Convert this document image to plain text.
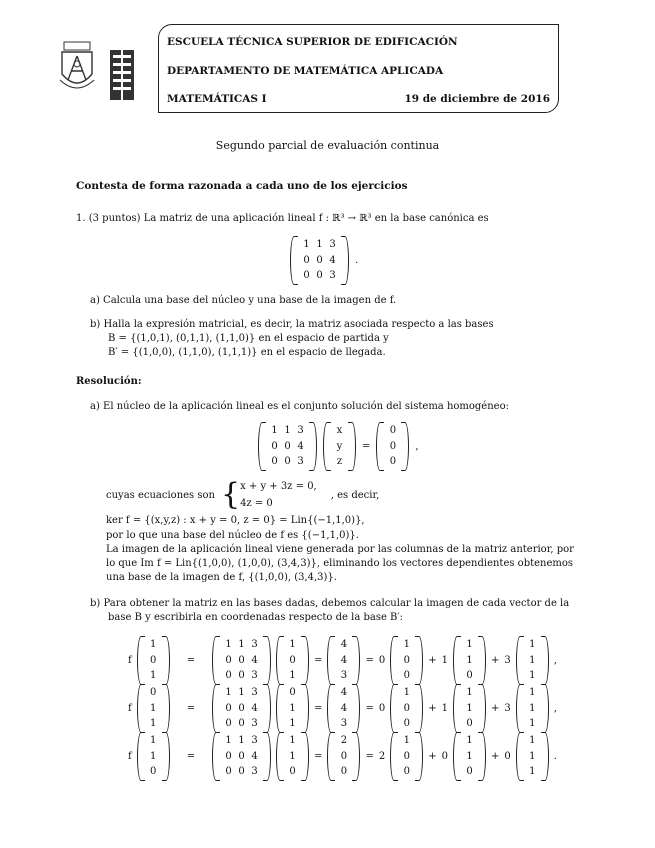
ESCUELA TÉCNICA SUPERIOR DE EDIFICACIÓN
DEPARTAMENTO DE MATEMÁTICA APLICADA
MATEMÁTICAS I	19 de diciembre de 2016
Segundo parcial de evaluación continua
Contesta de forma razonada a cada uno de los ejercicios
1. (3 puntos) La matriz de una aplicación lineal f : ℝ³ → ℝ³ en la base canónica es
1 1 3
0 0 4
0 0 3
.
a) Calcula una base del núcleo y una base de la imagen de f.
b) Halla la expresión matricial, es decir, la matriz asociada respecto a las bases
B = {(1,0,1), (0,1,1), (1,1,0)} en el espacio de partida y
B′ = {(1,0,0), (1,1,0), (1,1,1)} en el espacio de llegada.
Resolución:
a) El núcleo de la aplicación lineal es el conjunto solución del sistema homogéneo:
1 1 3
0 0 4
0 0 3
x
y
z
=
0
0
0
,
cuyas ecuaciones son { x + y + 3z = 0,
4z = 0
, es decir,
ker f = {(x,y,z) : x + y = 0, z = 0} = Lin{(−1,1,0)},
por lo que una base del núcleo de f es {(−1,1,0)}.
La imagen de la aplicación lineal viene generada por las columnas de la matriz anterior, por
lo que Im f = Lin{(1,0,0), (1,0,0), (3,4,3)}, eliminando los vectores dependientes obtenemos
una base de la imagen de f, {(1,0,0), (3,4,3)}.
b) Para obtener la matriz en las bases dadas, debemos calcular la imagen de cada vector de la
base B y escribirla en coordenadas respecto de la base B′:
f
1
0
1
=
1 1 3
0 0 4
0 0 3
1
0
1
=
4
4
3
= 0
1
0
0
+ 1
1
1
0
+ 3
1
1
1
,
f
0
1
1
=
1 1 3
0 0 4
0 0 3
0
1
1
=
4
4
3
= 0
1
0
0
+ 1
1
1
0
+ 3
1
1
1
,
f
1
1
0
=
1 1 3
0 0 4
0 0 3
1
1
0
=
2
0
0
= 2
1
0
0
+ 0
1
1
0
+ 0
1
1
1
.
